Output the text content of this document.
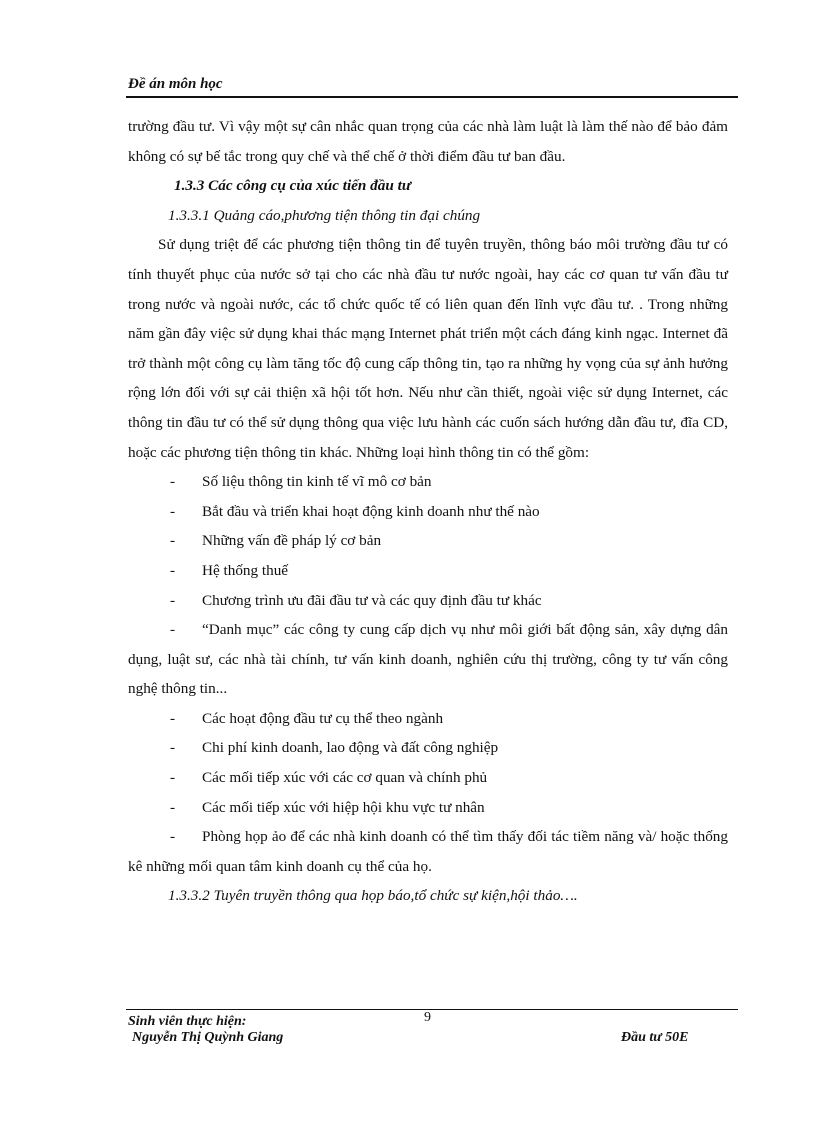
Đề án môn học

trường đầu tư. Vì vậy một sự cân nhắc quan trọng của các nhà làm luật là làm thế nào để bảo đảm không có sự bế tắc trong quy chế và thể chế ở thời điểm đầu tư ban đầu.

1.3.3 Các công cụ của xúc tiến đầu tư

1.3.3.1 Quảng cáo,phương tiện thông tin đại chúng

Sử dụng triệt để các phương tiện thông tin để tuyên truyền, thông báo môi trường đầu tư có tính thuyết phục của nước sở tại cho các nhà đầu tư nước ngoài, hay các cơ quan tư vấn đầu tư trong nước và ngoài nước, các tổ chức quốc tế có liên quan đến lĩnh vực đầu tư. . Trong những năm gần đây việc sử dụng khai thác mạng Internet phát triển một cách đáng kinh ngạc. Internet đã trở thành một công cụ làm tăng tốc độ cung cấp thông tin, tạo ra những hy vọng của sự ảnh hưởng rộng lớn đối với sự cải thiện xã hội tốt hơn. Nếu như cần thiết, ngoài việc sử dụng Internet, các thông tin đầu tư có thể sử dụng thông qua việc lưu hành các cuốn sách hướng dẫn đầu tư, đĩa CD, hoặc các phương tiện thông tin khác. Những loại hình thông tin có thể gồm:

- Số liệu thông tin kinh tế vĩ mô cơ bản
- Bắt đầu và triển khai hoạt động kinh doanh như thế nào
- Những vấn đề pháp lý cơ bản
- Hệ thống thuế
- Chương trình ưu đãi đầu tư và các quy định đầu tư khác
- “Danh mục” các công ty cung cấp dịch vụ như môi giới bất động sản, xây dựng dân dụng, luật sư, các nhà tài chính, tư vấn kinh doanh, nghiên cứu thị trường, công ty tư vấn công nghệ thông tin...
- Các hoạt động đầu tư cụ thể theo ngành
- Chi phí kinh doanh, lao động và đất công nghiệp
- Các mối tiếp xúc với các cơ quan và chính phủ
- Các mối tiếp xúc với hiệp hội khu vực tư nhân
- Phòng họp ảo để các nhà kinh doanh có thể tìm thấy đối tác tiềm năng và/ hoặc thống kê những mối quan tâm kinh doanh cụ thể của họ.

1.3.3.2 Tuyên truyền thông qua họp báo,tổ chức sự kiện,hội thảo….

Sinh viên thực hiện:	9
Nguyễn Thị Quỳnh Giang	Đầu tư 50E
